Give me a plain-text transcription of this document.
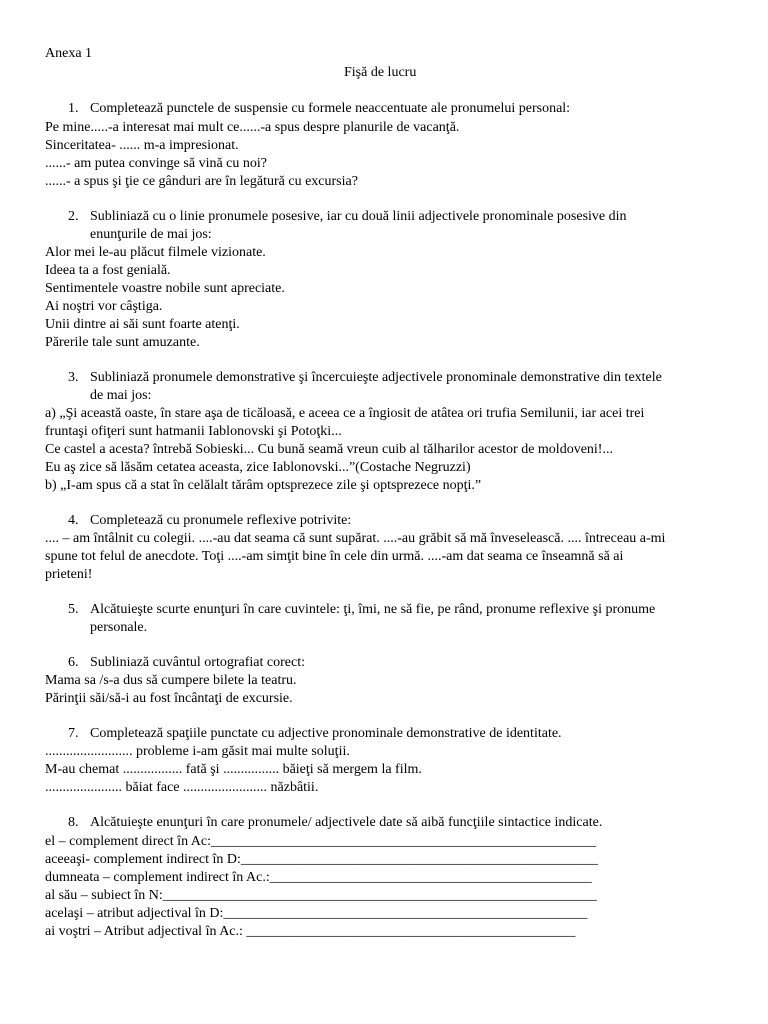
Anexa 1
Fişă de lucru
1. Completează punctele de suspensie cu formele neaccentuate ale pronumelui personal:
Pe mine.....-a interesat mai mult ce......-a spus despre planurile de vacanţă.
Sinceritatea- ...... m-a impresionat.
......- am putea convinge să vină cu noi?
......- a spus şi ţie ce gânduri are în legătură cu excursia?
2. Subliniază cu o linie pronumele posesive, iar cu două linii adjectivele pronominale posesive din
enunţurile de mai jos:
Alor mei le-au plăcut filmele vizionate.
Ideea ta a fost genială.
Sentimentele voastre nobile sunt apreciate.
Ai noştri vor câştiga.
Unii dintre ai săi sunt foarte atenţi.
Părerile tale sunt amuzante.
3. Subliniază pronumele demonstrative şi încercuieşte adjectivele pronominale demonstrative din textele
de mai jos:
a) „Şi această oaste, în stare aşa de ticăloasă, e aceea ce a îngiosit de atâtea ori trufia Semilunii, iar acei trei
fruntaşi ofiţeri sunt hatmanii Iablonovski şi Potoţki...
Ce castel a acesta? întrebă Sobieski... Cu bună seamă vreun cuib al tălharilor acestor de moldoveni!...
Eu aş zice să lăsăm cetatea aceasta, zice Iablonovski...”(Costache Negruzzi)
b) „I-am spus că a stat în celălalt tărâm optsprezece zile şi optsprezece nopţi.”
4. Completează cu pronumele reflexive potrivite:
.... – am întâlnit cu colegii. ....-au dat seama că sunt supărat. ....-au grăbit să mă înveselească. .... întreceau a-mi
spune tot felul de anecdote. Toţi ....-am simţit bine în cele din urmă. ....-am dat seama ce înseamnă să ai
prieteni!
5. Alcătuieşte scurte enunţuri în care cuvintele: ţi, îmi, ne să fie, pe rând, pronume reflexive şi pronume
personale.
6. Subliniază cuvântul ortografiat corect:
Mama sa /s-a dus să cumpere bilete la teatru.
Părinţii săi/să-i au fost încântaţi de excursie.
7. Completează spaţiile punctate cu adjective pronominale demonstrative de identitate.
......................... probleme i-am găsit mai multe soluţii.
M-au chemat ................. fată şi ................ băieţi să mergem la film.
...................... băiat face ........................ năzbâtii.
8. Alcătuieşte enunţuri în care pronumele/ adjectivele date să aibă funcţiile sintactice indicate.
el – complement direct în Ac:_______________________________________________________
aceeaşi- complement indirect în D:___________________________________________________
dumneata – complement indirect în Ac.:______________________________________________
al său – subiect în N:______________________________________________________________
acelaşi – atribut adjectival în D:____________________________________________________
ai voştri – Atribut adjectival în Ac.: _______________________________________________
